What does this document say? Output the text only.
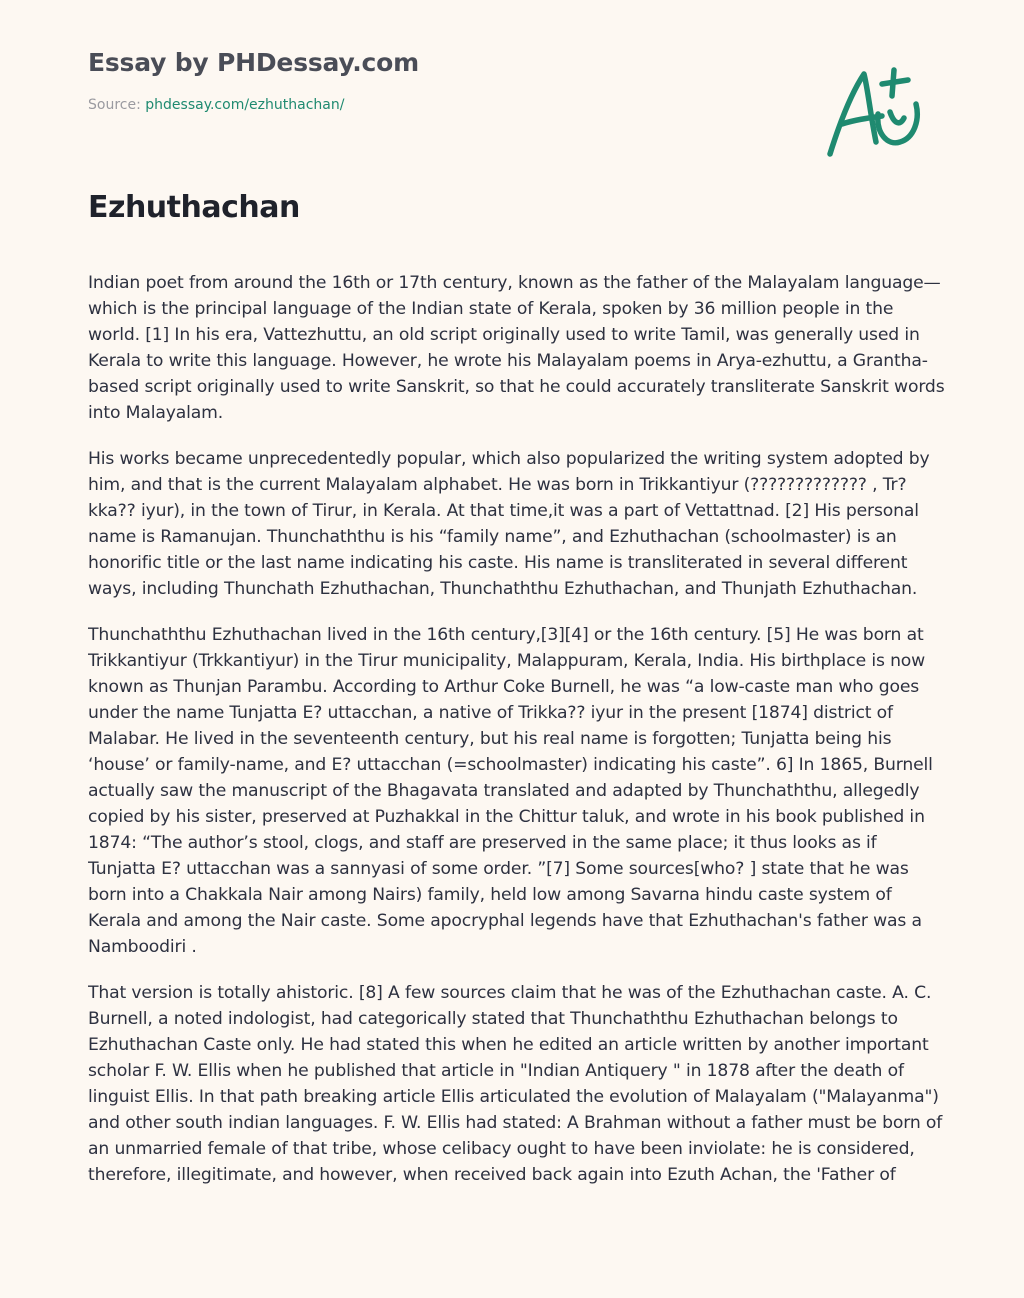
Essay by PHDessay.com
Source: phdessay.com/ezhuthachan/
Ezhuthachan

Indian poet from around the 16th or 17th century, known as the father of the Malayalam language—which is the principal language of the Indian state of Kerala, spoken by 36 million people in the world. [1] In his era, Vattezhuttu, an old script originally used to write Tamil, was generally used in Kerala to write this language. However, he wrote his Malayalam poems in Arya-ezhuttu, a Grantha-based script originally used to write Sanskrit, so that he could accurately transliterate Sanskrit words into Malayalam.

His works became unprecedentedly popular, which also popularized the writing system adopted by him, and that is the current Malayalam alphabet. He was born in Trikkantiyur (????????????? , Tr? kka?? iyur), in the town of Tirur, in Kerala. At that time,it was a part of Vettattnad. [2] His personal name is Ramanujan. Thunchaththu is his “family name”, and Ezhuthachan (schoolmaster) is an honorific title or the last name indicating his caste. His name is transliterated in several different ways, including Thunchath Ezhuthachan, Thunchaththu Ezhuthachan, and Thunjath Ezhuthachan.

Thunchaththu Ezhuthachan lived in the 16th century,[3][4] or the 16th century. [5] He was born at Trikkantiyur (Trkkantiyur) in the Tirur municipality, Malappuram, Kerala, India. His birthplace is now known as Thunjan Parambu. According to Arthur Coke Burnell, he was “a low-caste man who goes under the name Tunjatta E? uttacchan, a native of Trikka?? iyur in the present [1874] district of Malabar. He lived in the seventeenth century, but his real name is forgotten; Tunjatta being his ‘house’ or family-name, and E? uttacchan (=schoolmaster) indicating his caste”. 6] In 1865, Burnell actually saw the manuscript of the Bhagavata translated and adapted by Thunchaththu, allegedly copied by his sister, preserved at Puzhakkal in the Chittur taluk, and wrote in his book published in 1874: “The author’s stool, clogs, and staff are preserved in the same place; it thus looks as if Tunjatta E? uttacchan was a sannyasi of some order. ”[7] Some sources[who? ] state that he was born into a Chakkala Nair among Nairs) family, held low among Savarna hindu caste system of Kerala and among the Nair caste. Some apocryphal legends have that Ezhuthachan's father was a Namboodiri .

That version is totally ahistoric. [8] A few sources claim that he was of the Ezhuthachan caste. A. C. Burnell, a noted indologist, had categorically stated that Thunchaththu Ezhuthachan belongs to Ezhuthachan Caste only. He had stated this when he edited an article written by another important scholar F. W. Ellis when he published that article in "Indian Antiquery " in 1878 after the death of linguist Ellis. In that path breaking article Ellis articulated the evolution of Malayalam ("Malayanma") and other south indian languages. F. W. Ellis had stated: A Brahman without a father must be born of an unmarried female of that tribe, whose celibacy ought to have been inviolate: he is considered, therefore, illegitimate, and however, when received back again into Ezuth Achan, the 'Father of
